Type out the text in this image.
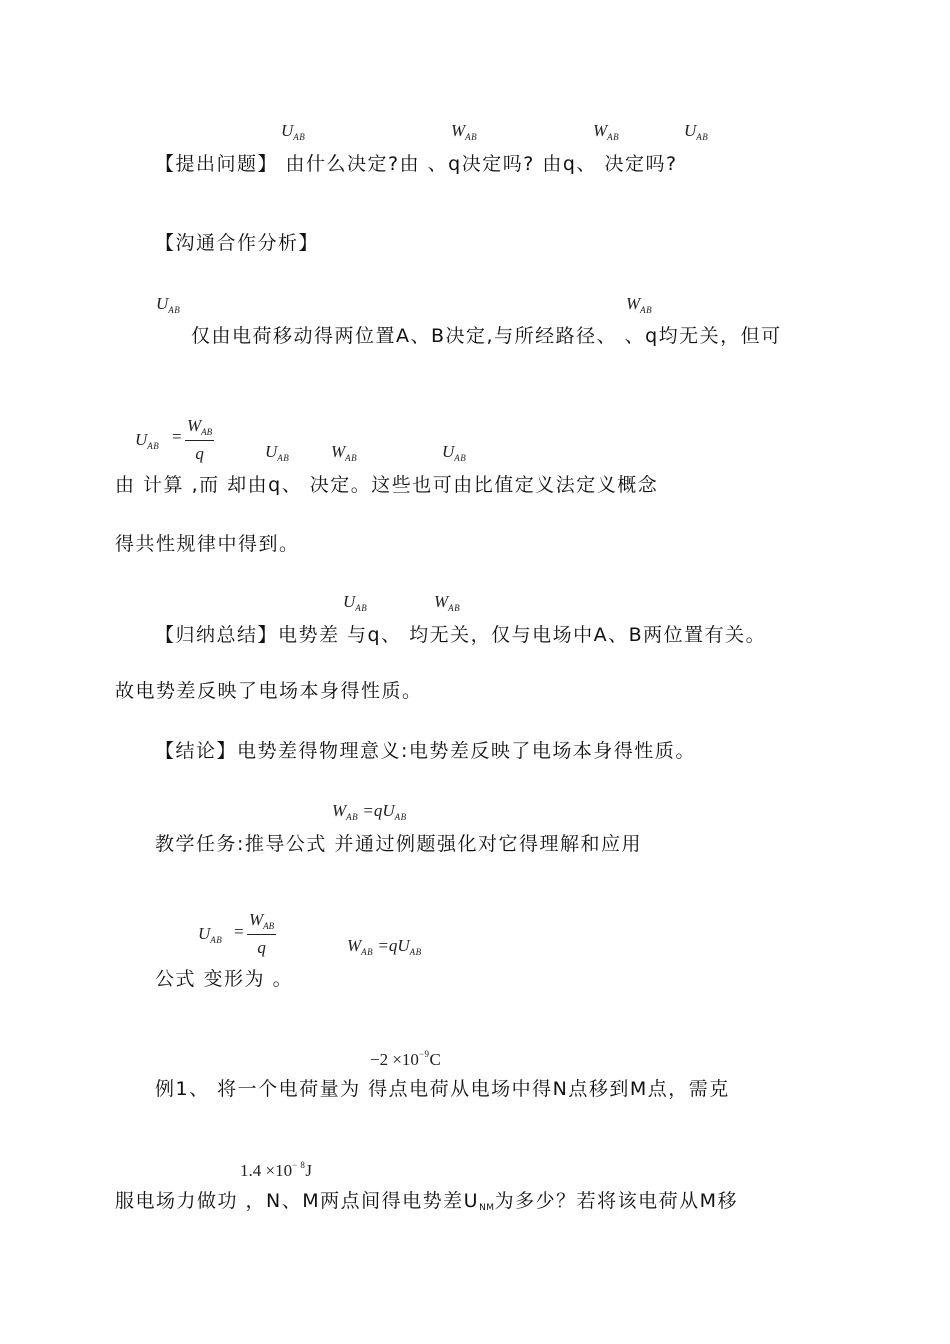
$U_{AB}$	$W_{AB}$	$W_{AB}$	$U_{AB}$
【提出问题】 由什么决定?由 、q决定吗? 由q、 决定吗?
【沟通合作分析】
$U_{AB}$	$W_{AB}$
仅由电荷移动得两位置A、B决定,与所经路径、 、q均无关，但可
$U_{AB}$ =
$W_{AB}$
q	$U_{AB}$ $W_{AB}$	$U_{AB}$
由 计算 ,而 却由q、 决定。这些也可由比值定义法定义概念
得共性规律中得到。
$U_{AB}$	$W_{AB}$
【归纳总结】电势差 与q、 均无关，仅与电场中A、B两位置有关。
故电势差反映了电场本身得性质。
【结论】电势差得物理意义:电势差反映了电场本身得性质。
$W_{AB} =qU_{AB}$
教学任务:推导公式 并通过例题强化对它得理解和应用
$U_{AB}$ =
$W_{AB}$
q	$W_{AB} =qU_{AB}$
公式 变形为 。
$-2 \times 10^{-9}C$
例1、 将一个电荷量为 得点电荷从电场中得N点移到M点，需克
$1.4 \times 10^{- 8}J$
服电场力做功 ，N、M两点间得电势差UNM为多少？若将该电荷从M移
